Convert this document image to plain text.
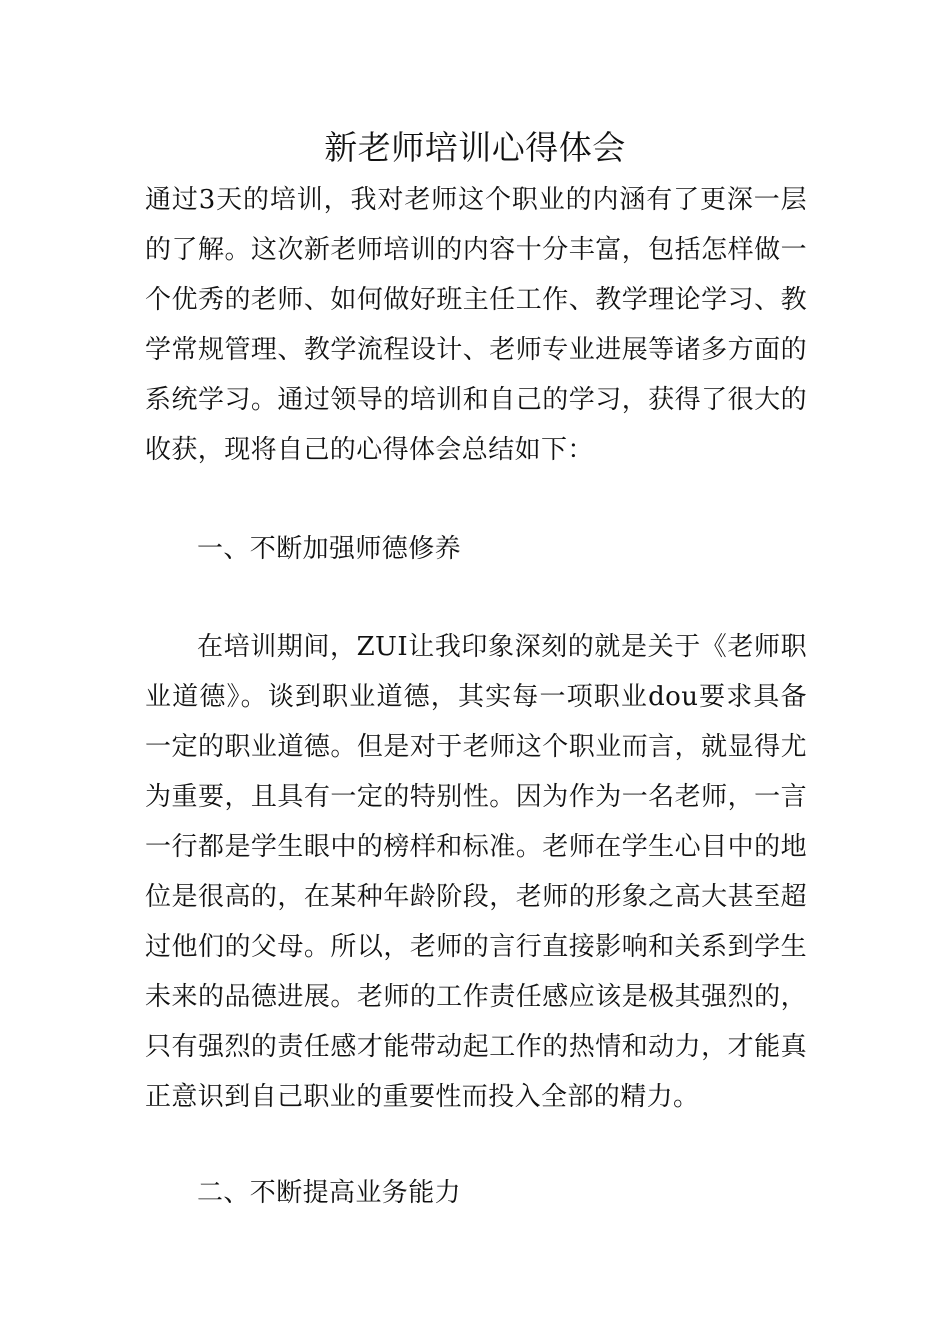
新老师培训心得体会

通过3天的培训，我对老师这个职业的内涵有了更深一层的了解。这次新老师培训的内容十分丰富，包括怎样做一个优秀的老师、如何做好班主任工作、教学理论学习、教学常规管理、教学流程设计、老师专业进展等诸多方面的系统学习。通过领导的培训和自己的学习，获得了很大的收获，现将自己的心得体会总结如下：

一、不断加强师德修养

在培训期间，ZUI让我印象深刻的就是关于《老师职业道德》。谈到职业道德，其实每一项职业dou要求具备一定的职业道德。但是对于老师这个职业而言，就显得尤为重要，且具有一定的特别性。因为作为一名老师，一言一行都是学生眼中的榜样和标准。老师在学生心目中的地位是很高的，在某种年龄阶段，老师的形象之高大甚至超过他们的父母。所以，老师的言行直接影响和关系到学生未来的品德进展。老师的工作责任感应该是极其强烈的，只有强烈的责任感才能带动起工作的热情和动力，才能真正意识到自己职业的重要性而投入全部的精力。

二、不断提高业务能力
